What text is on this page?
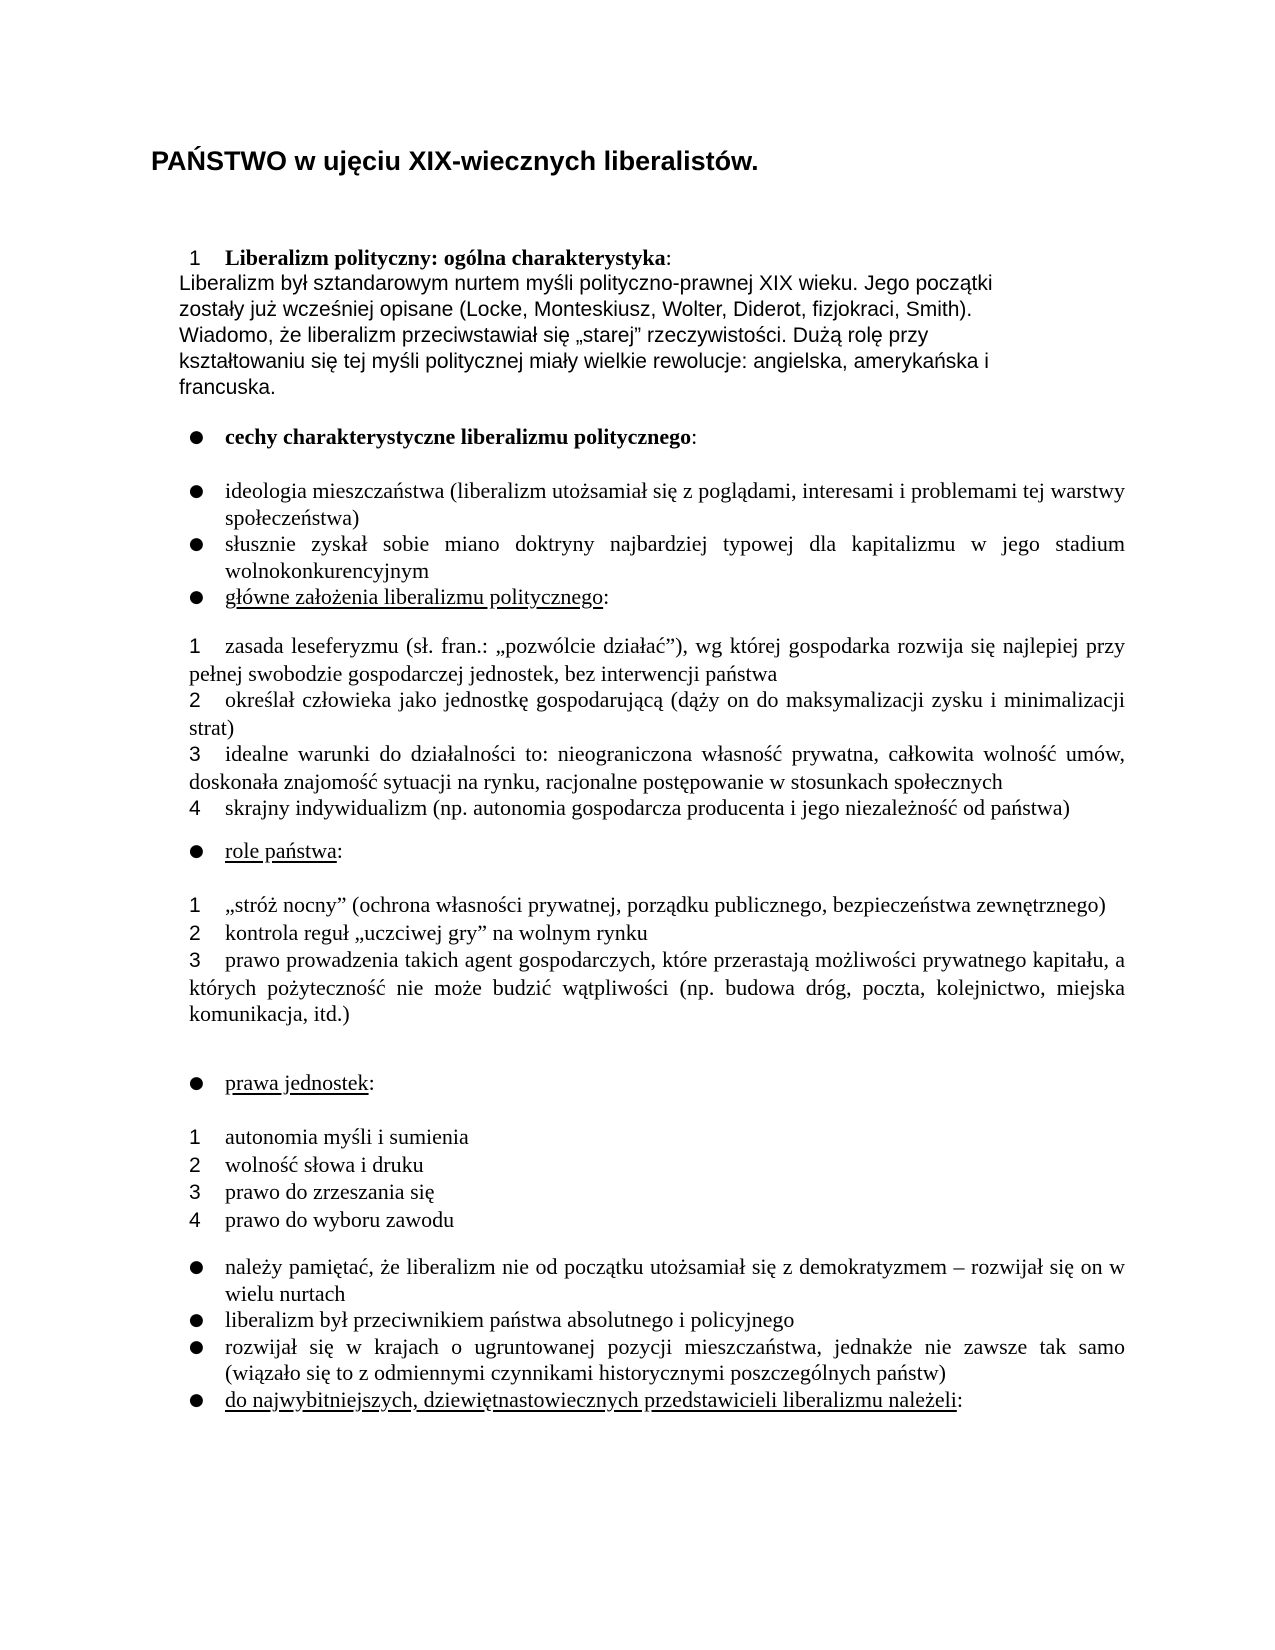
PAŃSTWO w ujęciu XIX-wiecznych liberalistów.
1 Liberalizm polityczny: ogólna charakterystyka:
Liberalizm był sztandarowym nurtem myśli polityczno-prawnej XIX wieku. Jego początki
zostały już wcześniej opisane (Locke, Monteskiusz, Wolter, Diderot, fizjokraci, Smith).
Wiadomo, że liberalizm przeciwstawiał się „starej” rzeczywistości. Dużą rolę przy
kształtowaniu się tej myśli politycznej miały wielkie rewolucje: angielska, amerykańska i
francuska.
● cechy charakterystyczne liberalizmu politycznego:
● ideologia mieszczaństwa (liberalizm utożsamiał się z poglądami, interesami i problemami tej warstwy społeczeństwa)
● słusznie zyskał sobie miano doktryny najbardziej typowej dla kapitalizmu w jego stadium wolnokonkurencyjnym
● główne założenia liberalizmu politycznego:
1 zasada leseferyzmu (sł. fran.: „pozwólcie działać”), wg której gospodarka rozwija się najlepiej przy pełnej swobodzie gospodarczej jednostek, bez interwencji państwa
2 określał człowieka jako jednostkę gospodarującą (dąży on do maksymalizacji zysku i minimalizacji strat)
3 idealne warunki do działalności to: nieograniczona własność prywatna, całkowita wolność umów, doskonała znajomość sytuacji na rynku, racjonalne postępowanie w stosunkach społecznych
4 skrajny indywidualizm (np. autonomia gospodarcza producenta i jego niezależność od państwa)
● role państwa:
1 „stróż nocny” (ochrona własności prywatnej, porządku publicznego, bezpieczeństwa zewnętrznego)
2 kontrola reguł „uczciwej gry” na wolnym rynku
3 prawo prowadzenia takich agent gospodarczych, które przerastają możliwości prywatnego kapitału, a których pożyteczność nie może budzić wątpliwości (np. budowa dróg, poczta, kolejnictwo, miejska komunikacja, itd.)
● prawa jednostek:
1 autonomia myśli i sumienia
2 wolność słowa i druku
3 prawo do zrzeszania się
4 prawo do wyboru zawodu
● należy pamiętać, że liberalizm nie od początku utożsamiał się z demokratyzmem – rozwijał się on w wielu nurtach
● liberalizm był przeciwnikiem państwa absolutnego i policyjnego
● rozwijał się w krajach o ugruntowanej pozycji mieszczaństwa, jednakże nie zawsze tak samo (wiązało się to z odmiennymi czynnikami historycznymi poszczególnych państw)
● do najwybitniejszych, dziewiętnastowiecznych przedstawicieli liberalizmu należeli:
